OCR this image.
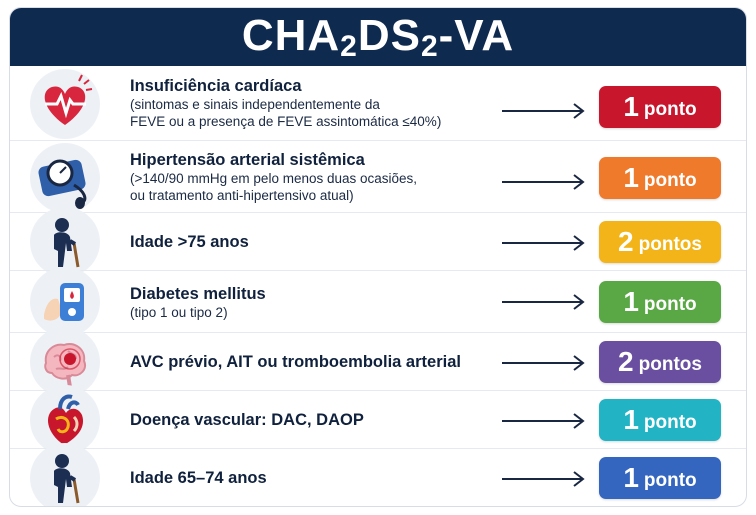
$CHA_2DS_2-VA$
Insuficiência cardíaca
(sintomas e sinais independentemente da
FEVE ou a presença de FEVE assintomática ≤40%)	1 ponto
Hipertensão arterial sistêmica
(>140/90 mmHg em pelo menos duas ocasiões,
ou tratamento anti-hipertensivo atual)
1 ponto
Idade >75 anos	2 pontos
Diabetes mellitus
(tipo 1 ou tipo 2)	1 ponto
AVC prévio, AIT ou tromboembolia arterial	2 pontos
Doença vascular: DAC, DAOP	1 ponto
Idade 65–74 anos	1 ponto
